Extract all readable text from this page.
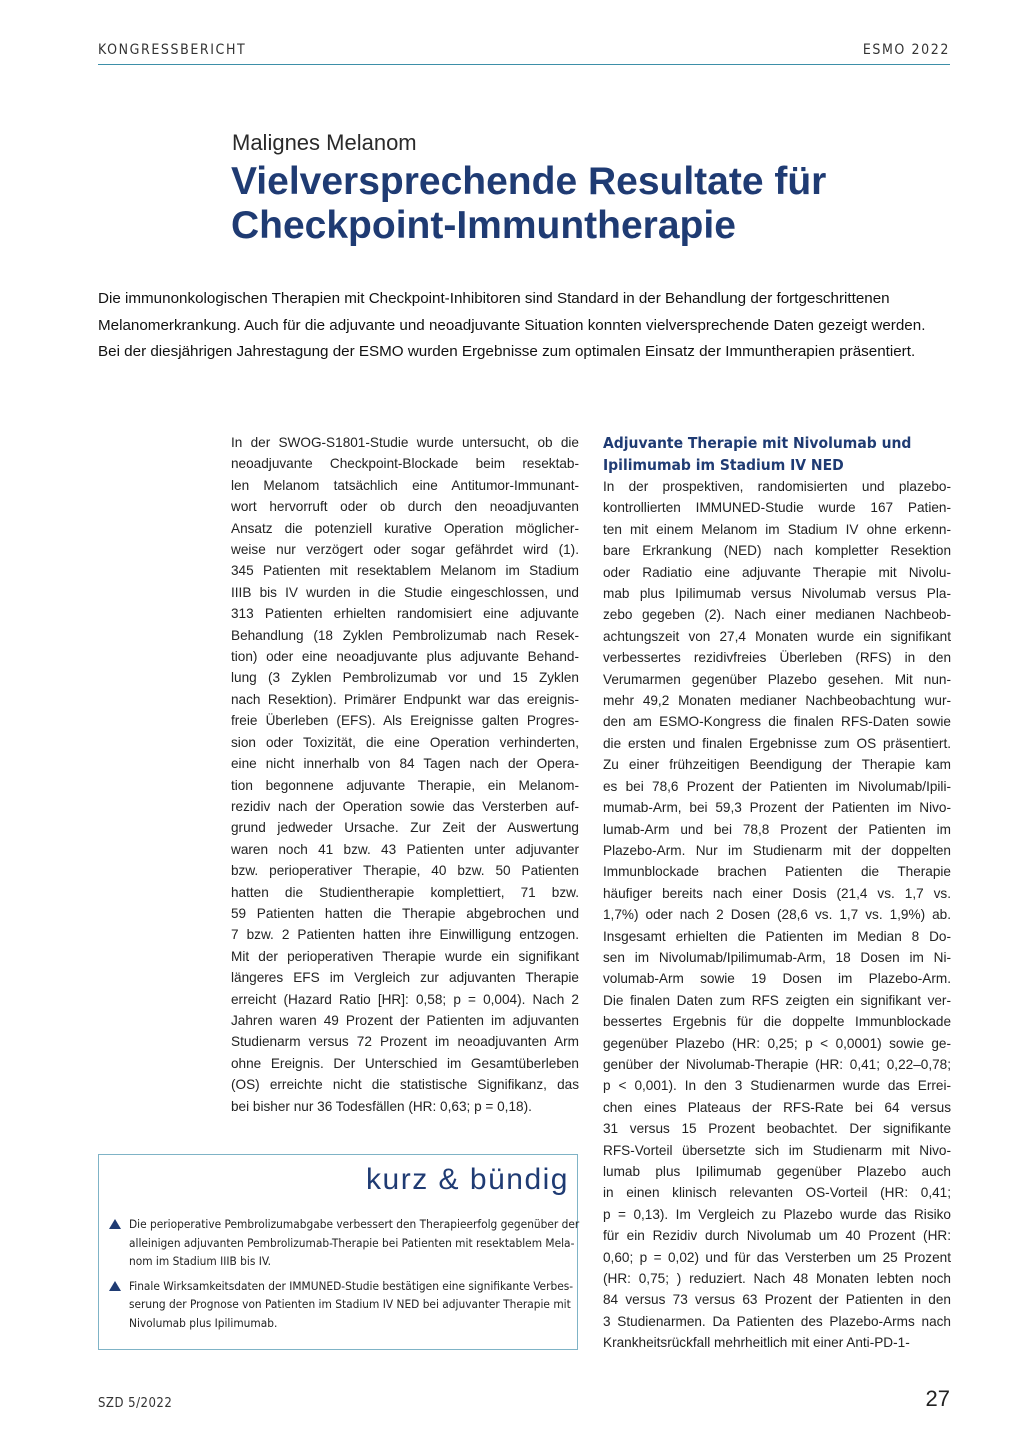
KONGRESSBERICHT	ESMO 2022
Malignes Melanom
Vielversprechende Resultate für
Checkpoint-Immuntherapie
Die immunonkologischen Therapien mit Checkpoint-Inhibitoren sind Standard in der Behandlung der fortgeschrittenen
Melanomerkrankung. Auch für die adjuvante und neoadjuvante Situation konnten vielversprechende Daten gezeigt werden.
Bei der diesjährigen Jahrestagung der ESMO wurden Ergebnisse zum optimalen Einsatz der Immuntherapien präsentiert.
In der SWOG-S1801-Studie wurde untersucht, ob die
neoadjuvante Checkpoint-Blockade beim resektab-
len Melanom tatsächlich eine Antitumor-Immunant-
wort hervorruft oder ob durch den neoadjuvanten
Ansatz die potenziell kurative Operation möglicher-
weise nur verzögert oder sogar gefährdet wird (1).
345 Patienten mit resektablem Melanom im Stadium
IIIB bis IV wurden in die Studie eingeschlossen, und
313 Patienten erhielten randomisiert eine adjuvante
Behandlung (18 Zyklen Pembrolizumab nach Resek-
tion) oder eine neoadjuvante plus adjuvante Behand-
lung (3 Zyklen Pembrolizumab vor und 15 Zyklen
nach Resektion). Primärer Endpunkt war das ereignis-
freie Überleben (EFS). Als Ereignisse galten Progres-
sion oder Toxizität, die eine Operation verhinderten,
eine nicht innerhalb von 84 Tagen nach der Opera-
tion begonnene adjuvante Therapie, ein Melanom-
rezidiv nach der Operation sowie das Versterben auf-
grund jedweder Ursache. Zur Zeit der Auswertung
waren noch 41 bzw. 43 Patienten unter adjuvanter
bzw. perioperativer Therapie, 40 bzw. 50 Patienten
hatten die Studientherapie komplettiert, 71 bzw.
59 Patienten hatten die Therapie abgebrochen und
7 bzw. 2 Patienten hatten ihre Einwilligung entzogen.
Mit der perioperativen Therapie wurde ein signifikant
längeres EFS im Vergleich zur adjuvanten Therapie
erreicht (Hazard Ratio [HR]: 0,58; p = 0,004). Nach 2
Jahren waren 49 Prozent der Patienten im adjuvanten
Studienarm versus 72 Prozent im neoadjuvanten Arm
ohne Ereignis. Der Unterschied im Gesamtüberleben
(OS) erreichte nicht die statistische Signifikanz, das
bei bisher nur 36 Todesfällen (HR: 0,63; p = 0,18).
Adjuvante Therapie mit Nivolumab und
Ipilimumab im Stadium IV NED
In der prospektiven, randomisierten und plazebo-
kontrollierten IMMUNED-Studie wurde 167 Patien-
ten mit einem Melanom im Stadium IV ohne erkenn-
bare Erkrankung (NED) nach kompletter Resektion
oder Radiatio eine adjuvante Therapie mit Nivolu-
mab plus Ipilimumab versus Nivolumab versus Pla-
zebo gegeben (2). Nach einer medianen Nachbeob-
achtungszeit von 27,4 Monaten wurde ein signifikant
verbessertes rezidivfreies Überleben (RFS) in den
Verumarmen gegenüber Plazebo gesehen. Mit nun-
mehr 49,2 Monaten medianer Nachbeobachtung wur-
den am ESMO-Kongress die finalen RFS-Daten sowie
die ersten und finalen Ergebnisse zum OS präsentiert.
Zu einer frühzeitigen Beendigung der Therapie kam
es bei 78,6 Prozent der Patienten im Nivolumab/Ipili-
mumab-Arm, bei 59,3 Prozent der Patienten im Nivo-
lumab-Arm und bei 78,8 Prozent der Patienten im
Plazebo-Arm. Nur im Studienarm mit der doppelten
Immunblockade brachen Patienten die Therapie
häufiger bereits nach einer Dosis (21,4 vs. 1,7 vs.
1,7%) oder nach 2 Dosen (28,6 vs. 1,7 vs. 1,9%) ab.
Insgesamt erhielten die Patienten im Median 8 Do-
sen im Nivolumab/Ipilimumab-Arm, 18 Dosen im Ni-
volumab-Arm sowie 19 Dosen im Plazebo-Arm.
Die finalen Daten zum RFS zeigten ein signifikant ver-
bessertes Ergebnis für die doppelte Immunblockade
gegenüber Plazebo (HR: 0,25; p < 0,0001) sowie ge-
genüber der Nivolumab-Therapie (HR: 0,41; 0,22–0,78;
p < 0,001). In den 3 Studienarmen wurde das Errei-
chen eines Plateaus der RFS-Rate bei 64 versus
31 versus 15 Prozent beobachtet. Der signifikante
RFS-Vorteil übersetzte sich im Studienarm mit Nivo-
lumab plus Ipilimumab gegenüber Plazebo auch
in einen klinisch relevanten OS-Vorteil (HR: 0,41;
p = 0,13). Im Vergleich zu Plazebo wurde das Risiko
für ein Rezidiv durch Nivolumab um 40 Prozent (HR:
0,60; p = 0,02) und für das Versterben um 25 Prozent
(HR: 0,75; ) reduziert. Nach 48 Monaten lebten noch
84 versus 73 versus 63 Prozent der Patienten in den
3 Studienarmen. Da Patienten des Plazebo-Arms nach
Krankheitsrückfall mehrheitlich mit einer Anti-PD-1-
kurz & bündig
Die perioperative Pembrolizumabgabe verbessert den Therapieerfolg gegenüber der
alleinigen adjuvanten Pembrolizumab-Therapie bei Patienten mit resektablem Mela-
nom im Stadium IIIB bis IV.
Finale Wirksamkeitsdaten der IMMUNED-Studie bestätigen eine signifikante Verbes-
serung der Prognose von Patienten im Stadium IV NED bei adjuvanter Therapie mit
Nivolumab plus Ipilimumab.
SZD 5/2022	27
